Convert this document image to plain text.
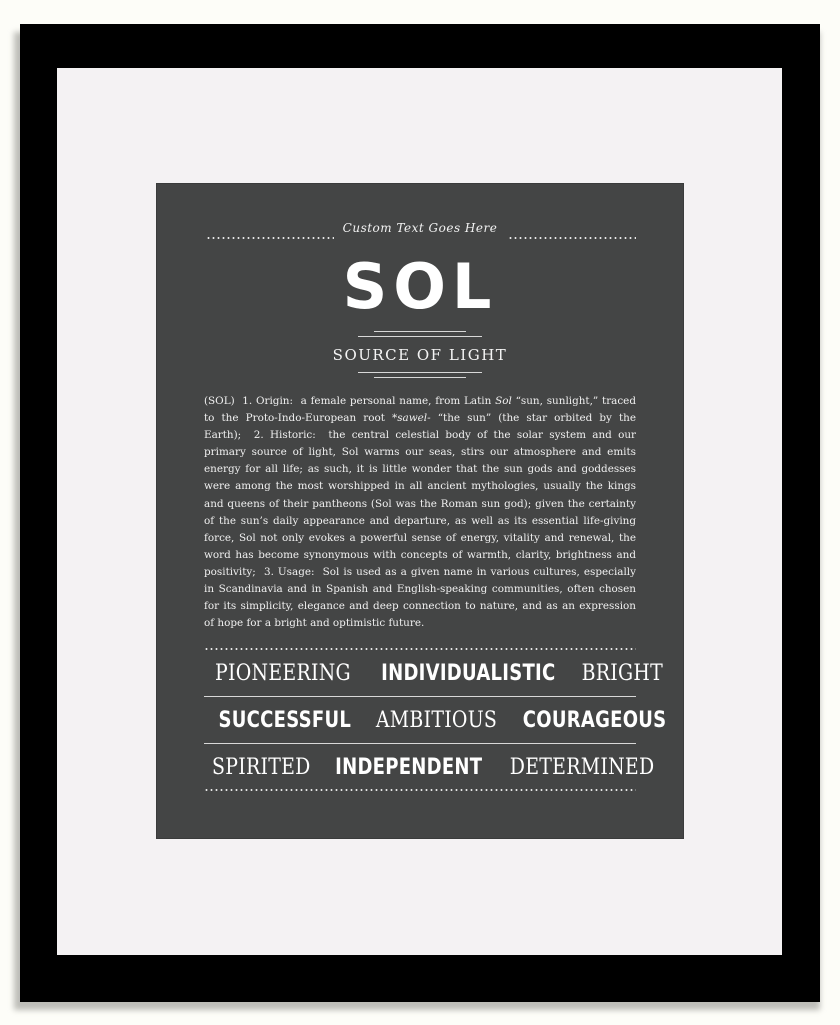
Custom Text Goes Here
SOL
SOURCE OF LIGHT
(SOL) 1. Origin: a female personal name, from Latin Sol “sun, sunlight,” traced to the Proto-Indo-European root *sawel- “the sun” (the star orbited by the Earth); 2. Historic: the central celestial body of the solar system and our primary source of light, Sol warms our seas, stirs our atmosphere and emits energy for all life; as such, it is little wonder that the sun gods and goddesses were among the most worshipped in all ancient mythologies, usually the kings and queens of their pantheons (Sol was the Roman sun god); given the certainty of the sun’s daily appearance and departure, as well as its essential life-giving force, Sol not only evokes a powerful sense of energy, vitality and renewal, the word has become synonymous with concepts of warmth, clarity, brightness and positivity; 3. Usage: Sol is used as a given name in various cultures, especially in Scandinavia and in Spanish and English-speaking communities, often chosen for its simplicity, elegance and deep connection to nature, and as an expression of hope for a bright and optimistic future.
PIONEERING INDIVIDUALISTIC BRIGHT
SUCCESSFUL AMBITIOUS COURAGEOUS
SPIRITED INDEPENDENT DETERMINED
